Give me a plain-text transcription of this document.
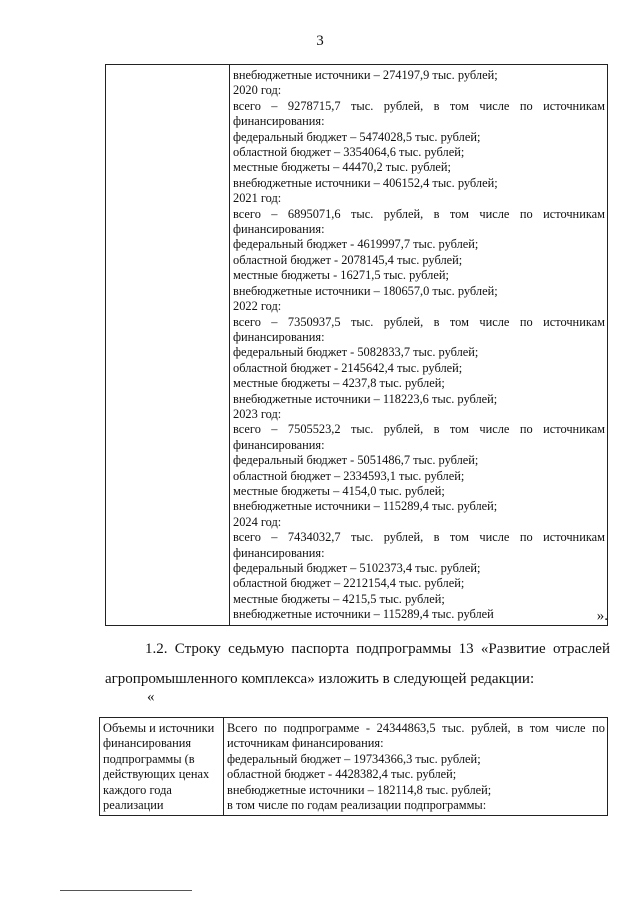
3

внебюджетные источники – 274197,9 тыс. рублей;
2020 год:
всего – 9278715,7 тыс. рублей, в том числе по источникам
финансирования:
федеральный бюджет – 5474028,5 тыс. рублей;
областной бюджет – 3354064,6 тыс. рублей;
местные бюджеты – 44470,2 тыс. рублей;
внебюджетные источники – 406152,4 тыс. рублей;
2021 год:
всего – 6895071,6 тыс. рублей, в том числе по источникам
финансирования:
федеральный бюджет - 4619997,7 тыс. рублей;
областной бюджет - 2078145,4 тыс. рублей;
местные бюджеты - 16271,5 тыс. рублей;
внебюджетные источники – 180657,0 тыс. рублей;
2022 год:
всего – 7350937,5 тыс. рублей, в том числе по источникам
финансирования:
федеральный бюджет - 5082833,7 тыс. рублей;
областной бюджет - 2145642,4 тыс. рублей;
местные бюджеты – 4237,8 тыс. рублей;
внебюджетные источники – 118223,6 тыс. рублей;
2023 год:
всего – 7505523,2 тыс. рублей, в том числе по источникам
финансирования:
федеральный бюджет - 5051486,7 тыс. рублей;
областной бюджет – 2334593,1 тыс. рублей;
местные бюджеты – 4154,0 тыс. рублей;
внебюджетные источники – 115289,4 тыс. рублей;
2024 год:
всего – 7434032,7 тыс. рублей, в том числе по источникам
финансирования:
федеральный бюджет – 5102373,4 тыс. рублей;
областной бюджет – 2212154,4 тыс. рублей;
местные бюджеты – 4215,5 тыс. рублей;
внебюджетные источники – 115289,4 тыс. рублей	».
1.2. Строку седьмую паспорта подпрограммы 13 «Развитие отраслей
агропромышленного комплекса» изложить в следующей редакции:
«
Объемы и источники
финансирования
подпрограммы (в
действующих ценах
каждого года
реализации

Всего по подпрограмме - 24344863,5 тыс. рублей, в том числе по
источникам финансирования:
федеральный бюджет – 19734366,3 тыс. рублей;
областной бюджет - 4428382,4 тыс. рублей;
внебюджетные источники – 182114,8 тыс. рублей;
в том числе по годам реализации подпрограммы:
